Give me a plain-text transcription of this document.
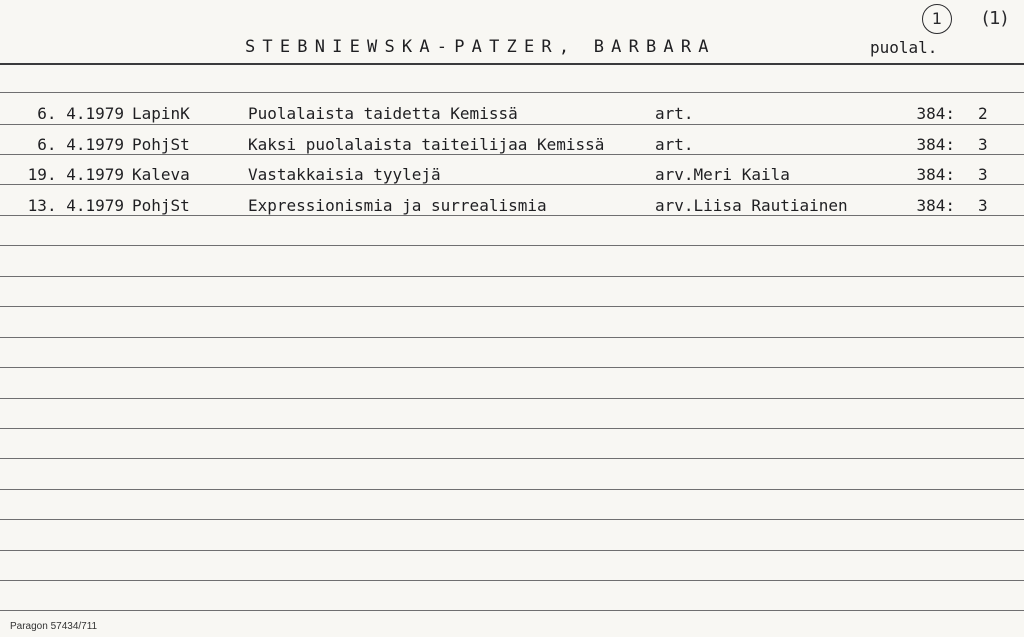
1	(1)
STEBNIEWSKA-PATZER, BARBARA	puolal.
6. 4.1979 LapinK	Puolalaista taidetta Kemissä	art.	384: 2
6. 4.1979 PohjSt	Kaksi puolalaista taiteilijaa Kemissä	art.	384: 3
19. 4.1979 Kaleva	Vastakkaisia tyylejä	arv.Meri Kaila	384: 3
13. 4.1979 PohjSt	Expressionismia ja surrealismia	arv.Liisa Rautiainen	384: 3
Paragon 57434/711
